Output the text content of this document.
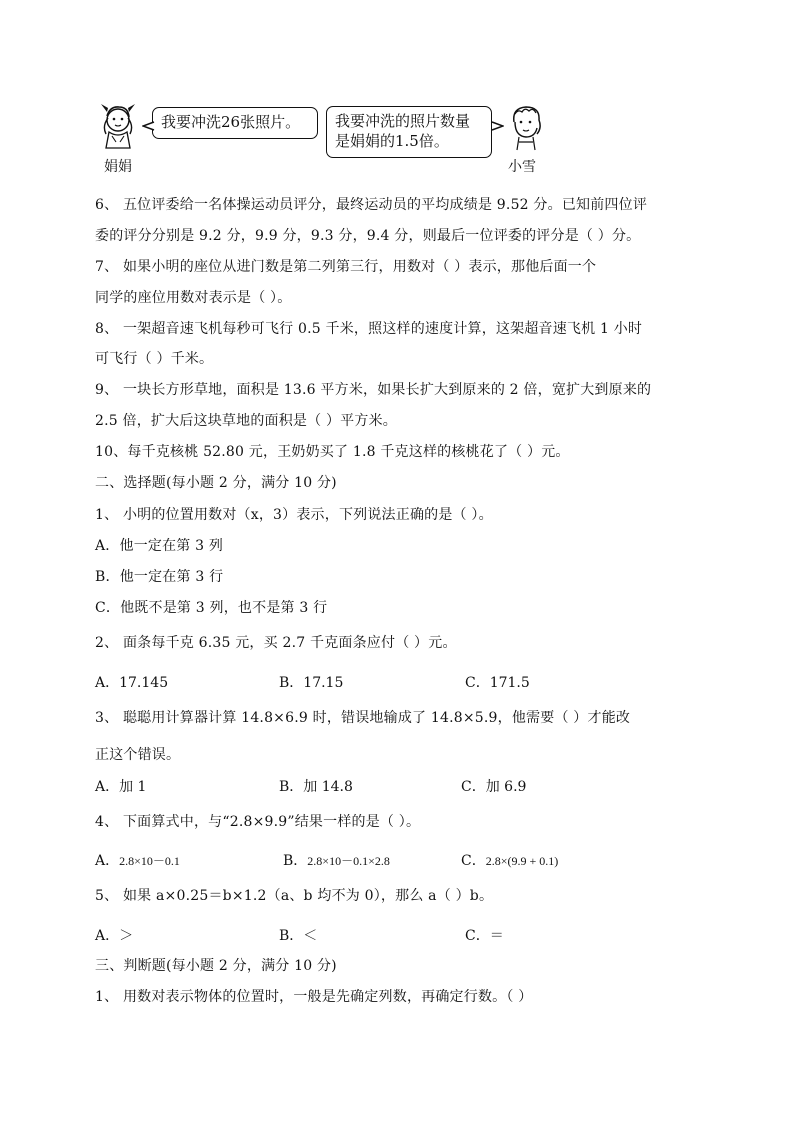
娟娟
我要冲洗26张照片。	我要冲洗的照片数量
是娟娟的1.5倍。
小雪
6、 五位评委给一名体操运动员评分，最终运动员的平均成绩是 9.52 分。已知前四位评
委的评分分别是 9.2 分，9.9 分，9.3 分，9.4 分，则最后一位评委的评分是（ ）分。
7、 如果小明的座位从进门数是第二列第三行，用数对（ ）表示，那他后面一个
同学的座位用数对表示是（ ）。
8、 一架超音速飞机每秒可飞行 0.5 千米，照这样的速度计算，这架超音速飞机 1 小时
可飞行（ ）千米。
9、 一块长方形草地，面积是 13.6 平方米，如果长扩大到原来的 2 倍，宽扩大到原来的
2.5 倍，扩大后这块草地的面积是（ ）平方米。
10、每千克核桃 52.80 元，王奶奶买了 1.8 千克这样的核桃花了（ ）元。
二、选择题(每小题 2 分，满分 10 分)
1、 小明的位置用数对（x，3）表示，下列说法正确的是（ ）。
A．他一定在第 3 列
B．他一定在第 3 行
C．他既不是第 3 列，也不是第 3 行
2、 面条每千克 6.35 元，买 2.7 千克面条应付（ ）元。
A．17.145	B．17.15	C．171.5
3、 聪聪用计算器计算 14.8×6.9 时，错误地输成了 14.8×5.9，他需要（ ）才能改
正这个错误。
A．加 1	B．加 14.8	C．加 6.9
4、 下面算式中，与“2.8×9.9”结果一样的是（ ）。
A．2.8×10－0.1	B．2.8×10－0.1×2.8	C．2.8×(9.9 + 0.1)
5、 如果 a×0.25＝b×1.2（a、b 均不为 0），那么 a（ ）b。
A．＞	B．＜	C．＝
三、判断题(每小题 2 分，满分 10 分)
1、 用数对表示物体的位置时，一般是先确定列数，再确定行数。（ ）
